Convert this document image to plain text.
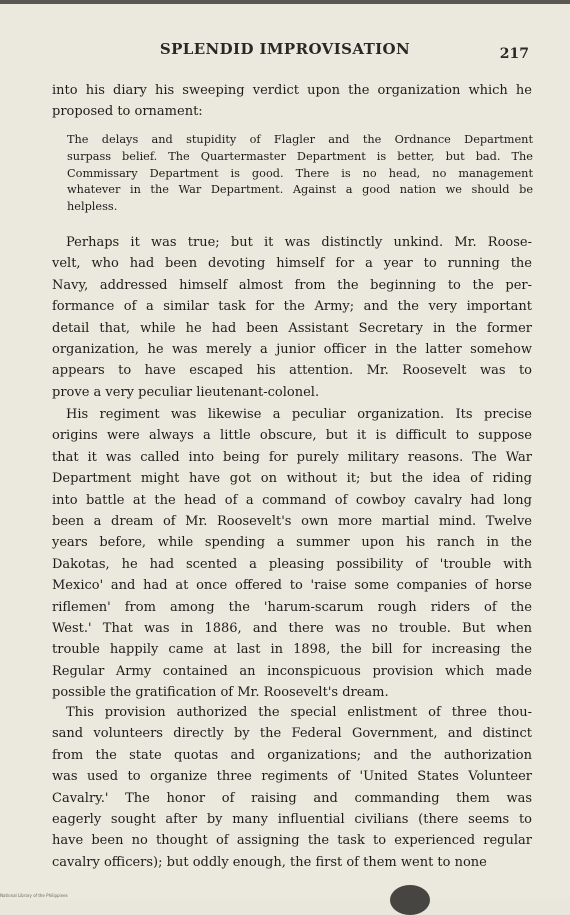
SPLENDID IMPROVISATION	217
into his diary his sweeping verdict upon the organization which he
proposed to ornament:
The delays and stupidity of Flagler and the Ordnance Department
surpass belief. The Quartermaster Department is better, but bad. The
Commissary Department is good. There is no head, no management
whatever in the War Department. Against a good nation we should be
helpless.
Perhaps it was true; but it was distinctly unkind. Mr. Roose-
velt, who had been devoting himself for a year to running the
Navy, addressed himself almost from the beginning to the per-
formance of a similar task for the Army; and the very important
detail that, while he had been Assistant Secretary in the former
organization, he was merely a junior officer in the latter somehow
appears to have escaped his attention. Mr. Roosevelt was to
prove a very peculiar lieutenant-colonel.
His regiment was likewise a peculiar organization. Its precise
origins were always a little obscure, but it is difficult to suppose
that it was called into being for purely military reasons. The War
Department might have got on without it; but the idea of riding
into battle at the head of a command of cowboy cavalry had long
been a dream of Mr. Roosevelt's own more martial mind. Twelve
years before, while spending a summer upon his ranch in the
Dakotas, he had scented a pleasing possibility of 'trouble with
Mexico' and had at once offered to 'raise some companies of horse
riflemen' from among the 'harum-scarum rough riders of the
West.' That was in 1886, and there was no trouble. But when
trouble happily came at last in 1898, the bill for increasing the
Regular Army contained an inconspicuous provision which made
possible the gratification of Mr. Roosevelt's dream.
This provision authorized the special enlistment of three thou-
sand volunteers directly by the Federal Government, and distinct
from the state quotas and organizations; and the authorization
was used to organize three regiments of 'United States Volunteer
Cavalry.' The honor of raising and commanding them was
eagerly sought after by many influential civilians (there seems to
have been no thought of assigning the task to experienced regular
cavalry officers); but oddly enough, the first of them went to none
National Library of the Philippines
